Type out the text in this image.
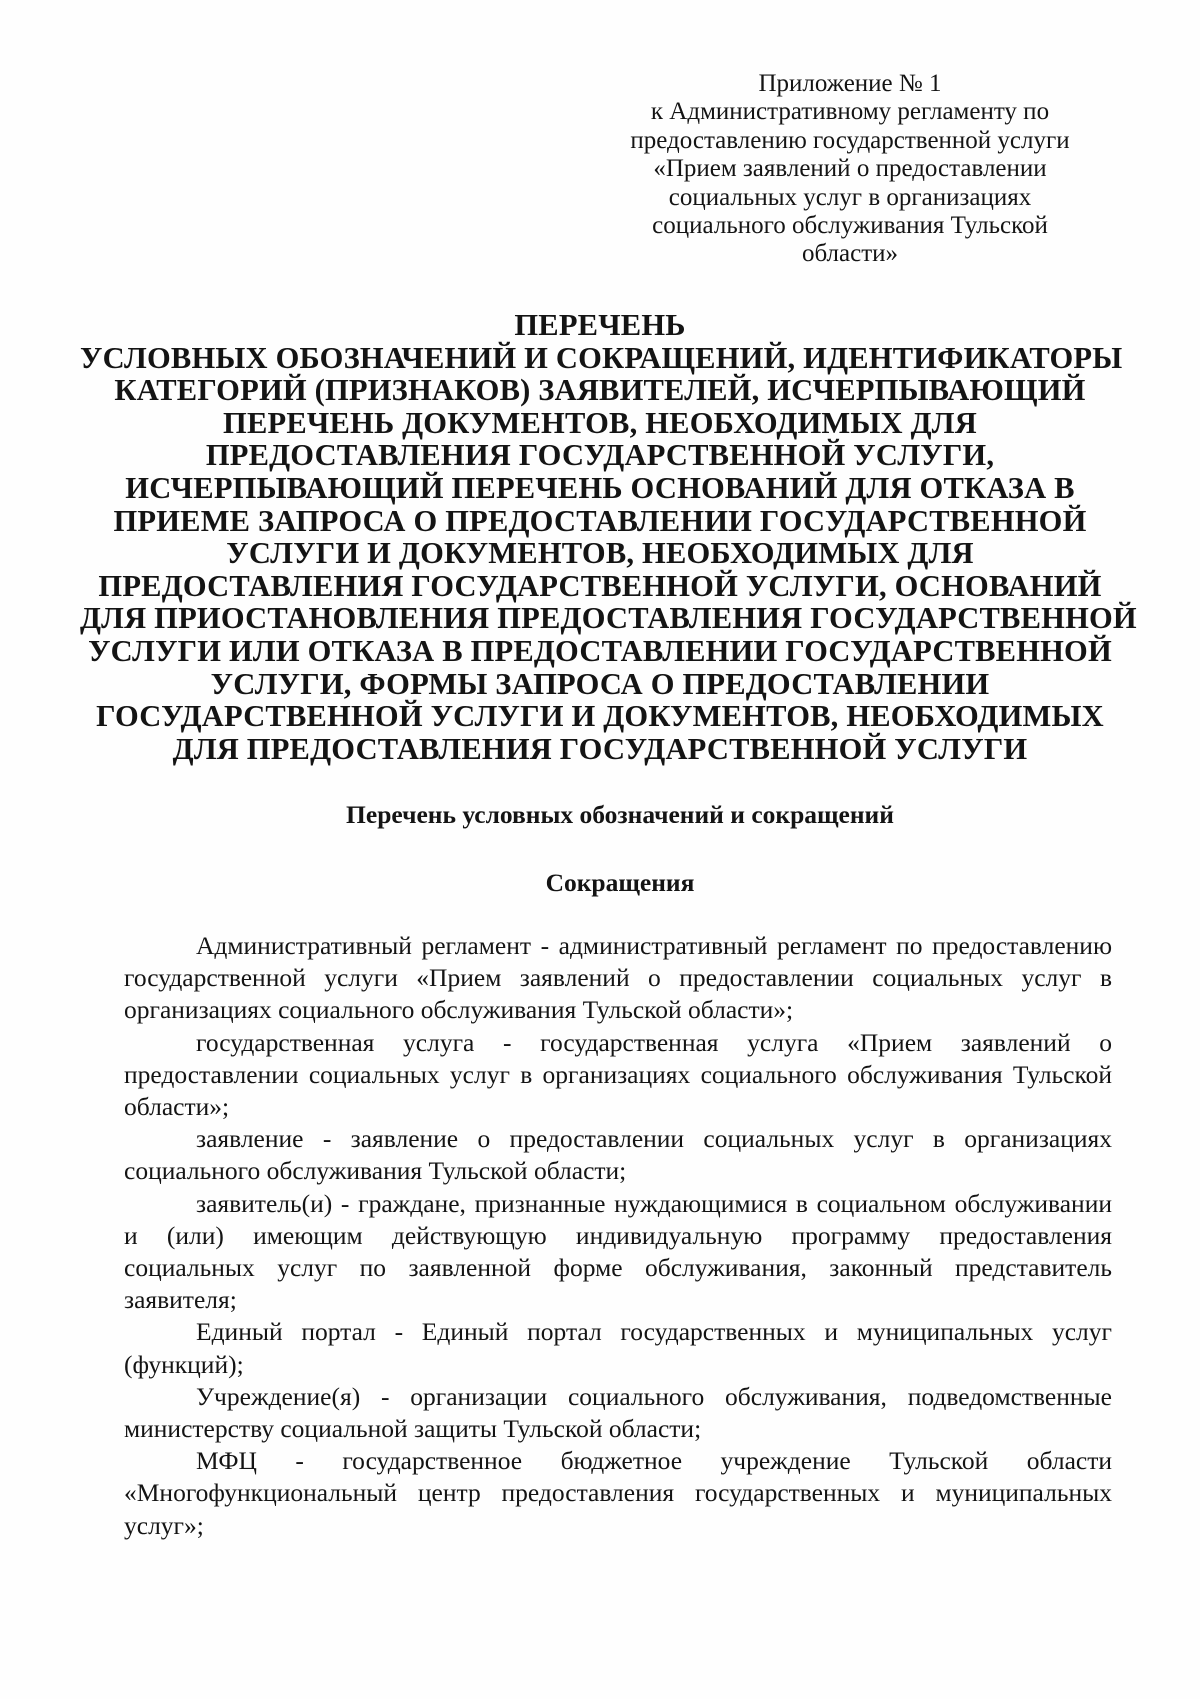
Приложение № 1
к Административному регламенту по
предоставлению государственной услуги
«Прием заявлений о предоставлении
социальных услуг в организациях
социального обслуживания Тульской
области»
ПЕРЕЧЕНЬ
УСЛОВНЫХ ОБОЗНАЧЕНИЙ И СОКРАЩЕНИЙ, ИДЕНТИФИКАТОРЫ
КАТЕГОРИЙ (ПРИЗНАКОВ) ЗАЯВИТЕЛЕЙ, ИСЧЕРПЫВАЮЩИЙ
ПЕРЕЧЕНЬ ДОКУМЕНТОВ, НЕОБХОДИМЫХ ДЛЯ
ПРЕДОСТАВЛЕНИЯ ГОСУДАРСТВЕННОЙ УСЛУГИ,
ИСЧЕРПЫВАЮЩИЙ ПЕРЕЧЕНЬ ОСНОВАНИЙ ДЛЯ ОТКАЗА В
ПРИЕМЕ ЗАПРОСА О ПРЕДОСТАВЛЕНИИ ГОСУДАРСТВЕННОЙ
УСЛУГИ И ДОКУМЕНТОВ, НЕОБХОДИМЫХ ДЛЯ
ПРЕДОСТАВЛЕНИЯ ГОСУДАРСТВЕННОЙ УСЛУГИ, ОСНОВАНИЙ
ДЛЯ ПРИОСТАНОВЛЕНИЯ ПРЕДОСТАВЛЕНИЯ ГОСУДАРСТВЕННОЙ
УСЛУГИ ИЛИ ОТКАЗА В ПРЕДОСТАВЛЕНИИ ГОСУДАРСТВЕННОЙ
УСЛУГИ, ФОРМЫ ЗАПРОСА О ПРЕДОСТАВЛЕНИИ
ГОСУДАРСТВЕННОЙ УСЛУГИ И ДОКУМЕНТОВ, НЕОБХОДИМЫХ
ДЛЯ ПРЕДОСТАВЛЕНИЯ ГОСУДАРСТВЕННОЙ УСЛУГИ
Перечень условных обозначений и сокращений
Сокращения

Административный регламент - административный регламент по предоставлению государственной услуги «Прием заявлений о предоставлении социальных услуг в организациях социального обслуживания Тульской области»;

государственная услуга - государственная услуга «Прием заявлений о предоставлении социальных услуг в организациях социального обслуживания Тульской области»;

заявление - заявление о предоставлении социальных услуг в организациях социального обслуживания Тульской области;

заявитель(и) - граждане, признанные нуждающимися в социальном обслуживании и (или) имеющим действующую индивидуальную программу предоставления социальных услуг по заявленной форме обслуживания, законный представитель заявителя;

Единый портал - Единый портал государственных и муниципальных услуг (функций);

Учреждение(я) - организации социального обслуживания, подведомственные министерству социальной защиты Тульской области;

МФЦ - государственное бюджетное учреждение Тульской области «Многофункциональный центр предоставления государственных и муниципальных услуг»;
